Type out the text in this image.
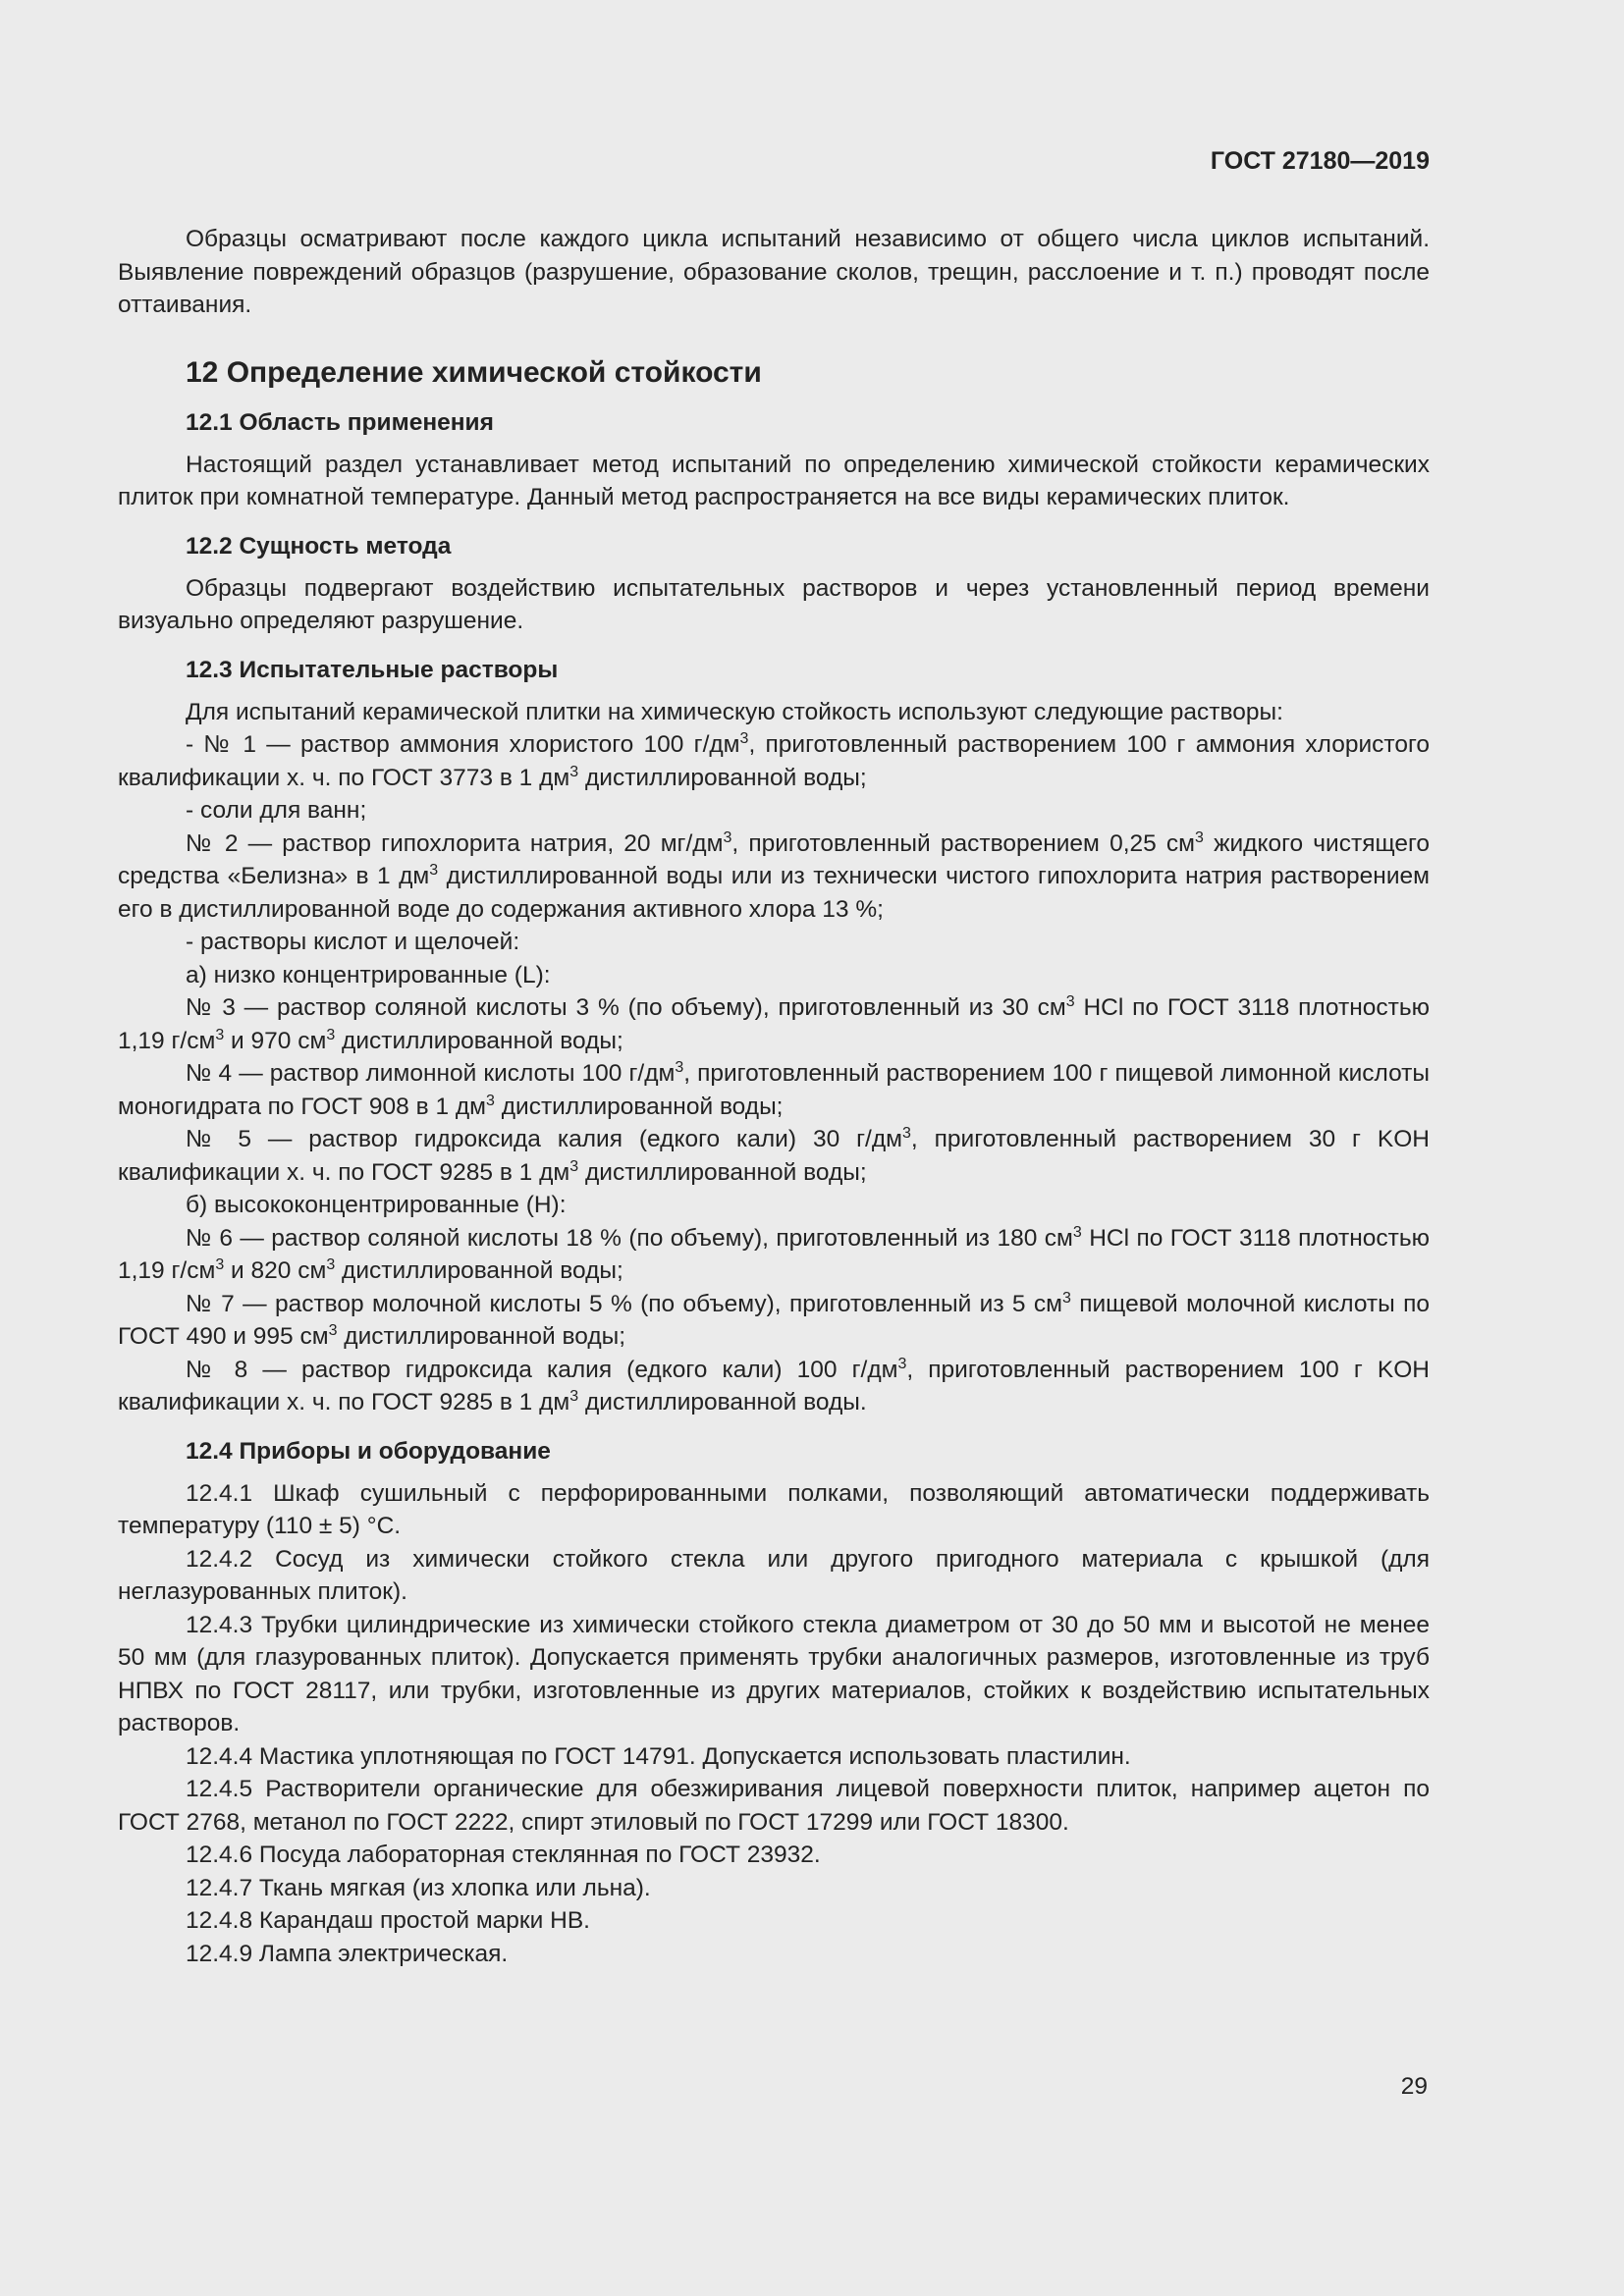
ГОСТ 27180—2019

Образцы осматривают после каждого цикла испытаний независимо от общего числа циклов испытаний. Выявление повреждений образцов (разрушение, образование сколов, трещин, расслоение и т. п.) проводят после оттаивания.

12 Определение химической стойкости
12.1 Область применения

Настоящий раздел устанавливает метод испытаний по определению химической стойкости керамических плиток при комнатной температуре. Данный метод распространяется на все виды керамических плиток.

12.2 Сущность метода

Образцы подвергают воздействию испытательных растворов и через установленный период времени визуально определяют разрушение.

12.3 Испытательные растворы

Для испытаний керамической плитки на химическую стойкость используют следующие растворы:

- № 1 — раствор аммония хлористого 100 $г/дм^3$, приготовленный растворением 100 г аммония хлористого квалификации х. ч. по ГОСТ 3773 в 1 $дм^3$ дистиллированной воды;

- соли для ванн;

№ 2 — раствор гипохлорита натрия, 20 $мг/дм^3$, приготовленный растворением 0,25 $см^3$ жидкого чистящего средства «Белизна» в 1 $дм^3$ дистиллированной воды или из технически чистого гипохлорита натрия растворением его в дистиллированной воде до содержания активного хлора 13 %;

- растворы кислот и щелочей:

а) низко концентрированные (L):

№ 3 — раствор соляной кислоты 3 % (по объему), приготовленный из 30 $см^3$ HCl по ГОСТ 3118 плотностью 1,19 $г/см^3$ и 970 $см^3$ дистиллированной воды;

№ 4 — раствор лимонной кислоты 100 $г/дм^3$, приготовленный растворением 100 г пищевой лимонной кислоты моногидрата по ГОСТ 908 в 1 $дм^3$ дистиллированной воды;

№ 5 — раствор гидроксида калия (едкого кали) 30 $г/дм^3$, приготовленный растворением 30 г KOH квалификации х. ч. по ГОСТ 9285 в 1 $дм^3$ дистиллированной воды;

б) высококонцентрированные (H):

№ 6 — раствор соляной кислоты 18 % (по объему), приготовленный из 180 $см^3$ HCl по ГОСТ 3118 плотностью 1,19 $г/см^3$ и 820 $см^3$ дистиллированной воды;

№ 7 — раствор молочной кислоты 5 % (по объему), приготовленный из 5 $см^3$ пищевой молочной кислоты по ГОСТ 490 и 995 $см^3$ дистиллированной воды;

№ 8 — раствор гидроксида калия (едкого кали) 100 $г/дм^3$, приготовленный растворением 100 г KOH квалификации х. ч. по ГОСТ 9285 в 1 $дм^3$ дистиллированной воды.

12.4 Приборы и оборудование

12.4.1 Шкаф сушильный с перфорированными полками, позволяющий автоматически поддерживать температуру (110 ± 5) °С.

12.4.2 Сосуд из химически стойкого стекла или другого пригодного материала с крышкой (для неглазурованных плиток).

12.4.3 Трубки цилиндрические из химически стойкого стекла диаметром от 30 до 50 мм и высотой не менее 50 мм (для глазурованных плиток). Допускается применять трубки аналогичных размеров, изготовленные из труб НПВХ по ГОСТ 28117, или трубки, изготовленные из других материалов, стойких к воздействию испытательных растворов.

12.4.4 Мастика уплотняющая по ГОСТ 14791. Допускается использовать пластилин.

12.4.5 Растворители органические для обезжиривания лицевой поверхности плиток, например ацетон по ГОСТ 2768, метанол по ГОСТ 2222, спирт этиловый по ГОСТ 17299 или ГОСТ 18300.

12.4.6 Посуда лабораторная стеклянная по ГОСТ 23932.

12.4.7 Ткань мягкая (из хлопка или льна).

12.4.8 Карандаш простой марки НВ.

12.4.9 Лампа электрическая.

29
